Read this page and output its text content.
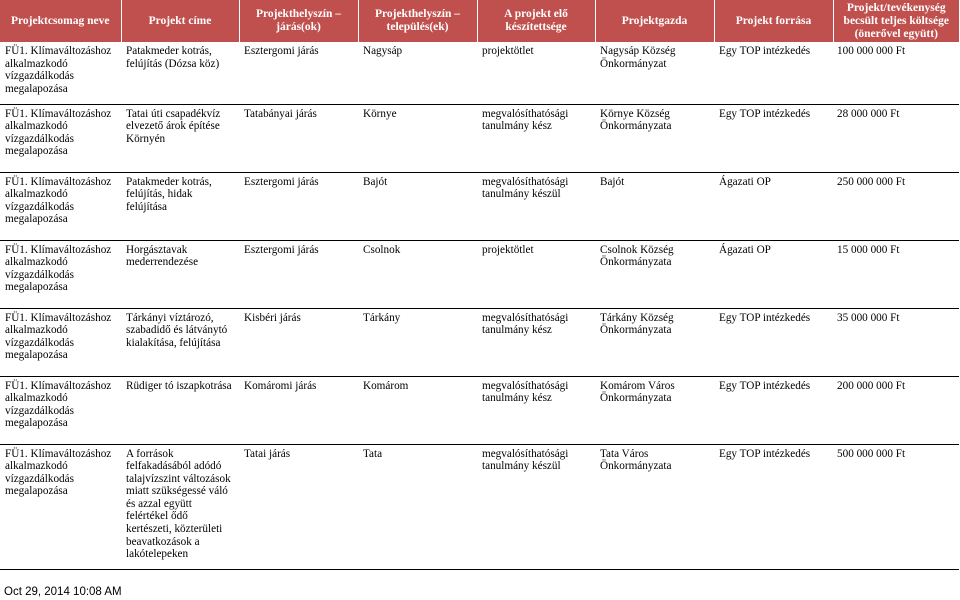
Projektcsomag neve	Projekt címe	Projekthelyszín – járás(ok)	Projekthelyszín – település(ek)	A projekt elő készítettsége	Projektgazda	Projekt forrása	Projekt/tevékenység becsült teljes költsége (önerővel együtt)
FÜ1. Klímaváltozáshoz alkalmazkodó vízgazdálkodás megalapozása	Patakmeder kotrás, felújítás (Dózsa köz)	Esztergomi járás	Nagysáp	projektötlet	Nagysáp Község Önkormányzat	Egy TOP intézkedés	100 000 000 Ft
FÜ1. Klímaváltozáshoz alkalmazkodó vízgazdálkodás megalapozása	Tatai úti csapadékvíz elvezető árok építése Környén	Tatabányai járás	Környe	megvalósíthatósági tanulmány kész	Környe Község Önkormányzata	Egy TOP intézkedés	28 000 000 Ft
FÜ1. Klímaváltozáshoz alkalmazkodó vízgazdálkodás megalapozása	Patakmeder kotrás, felújítás, hidak felújítása	Esztergomi járás	Bajót	megvalósíthatósági tanulmány készül	Bajót	Ágazati OP	250 000 000 Ft
FÜ1. Klímaváltozáshoz alkalmazkodó vízgazdálkodás megalapozása	Horgásztavak mederrendezése	Esztergomi járás	Csolnok	projektötlet	Csolnok Község Önkormányzata	Ágazati OP	15 000 000 Ft
FÜ1. Klímaváltozáshoz alkalmazkodó vízgazdálkodás megalapozása	Tárkányi víztározó, szabadidő és látványtó kialakítása, felújítása	Kisbéri járás	Tárkány	megvalósíthatósági tanulmány kész	Tárkány Község Önkormányzata	Egy TOP intézkedés	35 000 000 Ft
FÜ1. Klímaváltozáshoz alkalmazkodó vízgazdálkodás megalapozása	Rüdiger tó iszapkotrása	Komáromi járás	Komárom	megvalósíthatósági tanulmány kész	Komárom Város Önkormányzata	Egy TOP intézkedés	200 000 000 Ft
FÜ1. Klímaváltozáshoz alkalmazkodó vízgazdálkodás megalapozása	A források felfakadásából adódó talajvízszint változások miatt szükségessé váló és azzal együtt felértékel ődő kertészeti, közterületi beavatkozások a lakótelepeken	Tatai járás	Tata	megvalósíthatósági tanulmány készül	Tata Város Önkormányzata	Egy TOP intézkedés	500 000 000 Ft
Oct 29, 2014 10:08 AM
